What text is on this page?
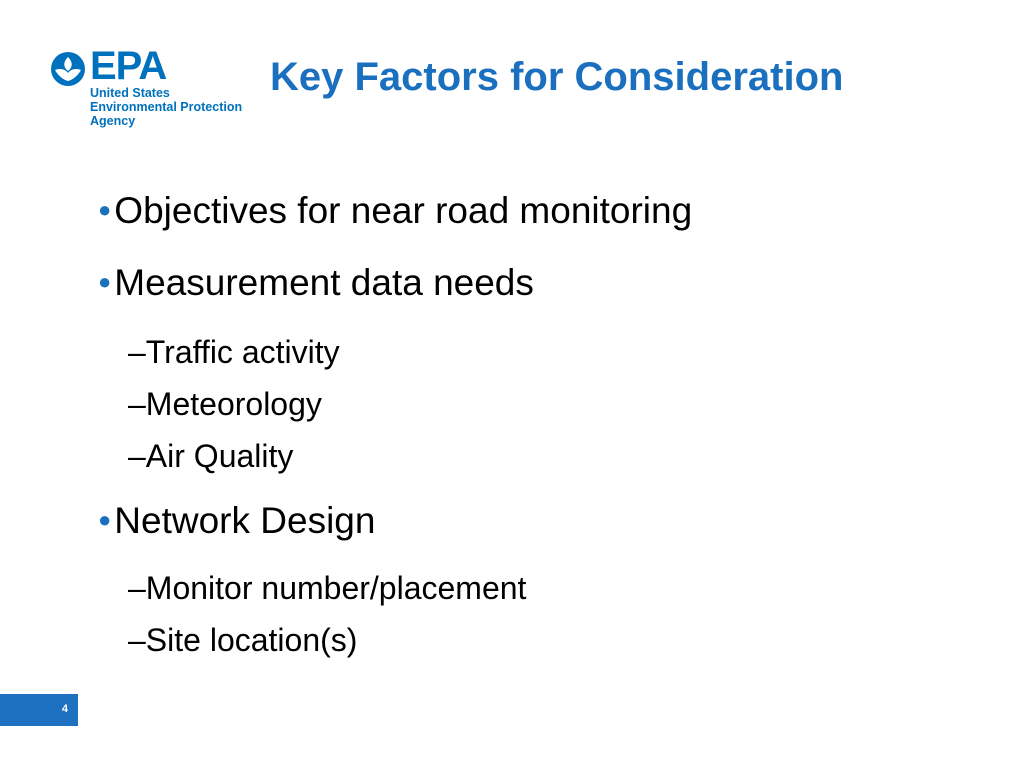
EPA
United States
Environmental Protection
Agency
Key Factors for Consideration
●Objectives for near road monitoring
●Measurement data needs
–Traffic activity
–Meteorology
–Air Quality
●Network Design
–Monitor number/placement
–Site location(s)
4
